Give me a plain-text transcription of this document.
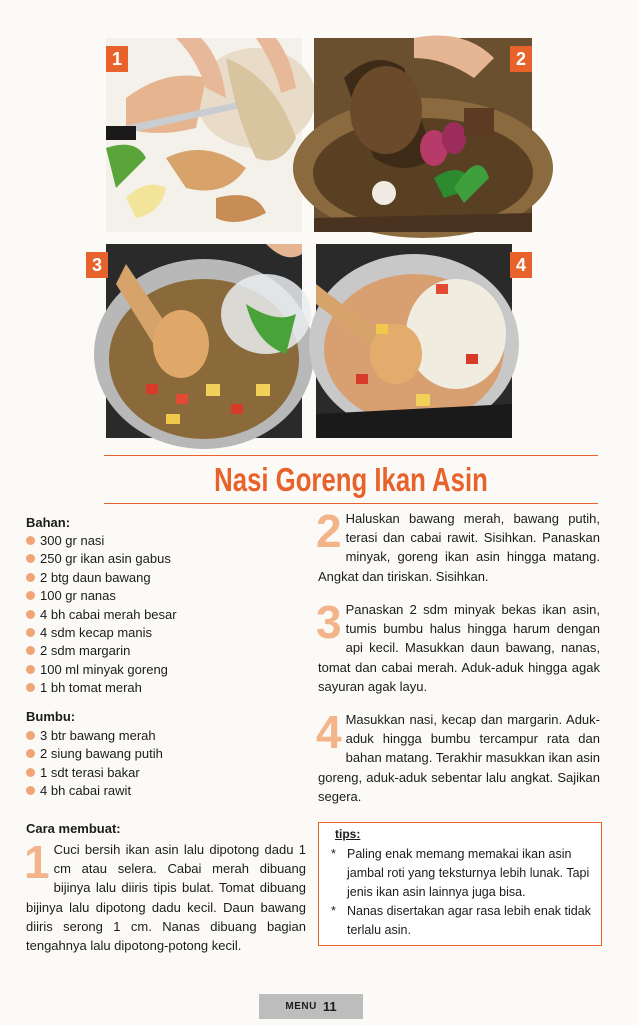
1	2
3	4
Nasi Goreng Ikan Asin
Bahan:
300 gr nasi
250 gr ikan asin gabus
2 btg daun bawang
100 gr nanas
4 bh cabai merah besar
4 sdm kecap manis
2 sdm margarin
100 ml minyak goreng
1 bh tomat merah
Bumbu:
3 btr bawang merah
2 siung bawang putih
1 sdt terasi bakar
4 bh cabai rawit
Cara membuat:
1 Cuci bersih ikan asin lalu dipotong dadu 1 cm atau selera. Cabai merah dibuang bijinya lalu diiris tipis bulat. Tomat dibuang bijinya lalu dipotong dadu kecil. Daun bawang diiris serong 1 cm. Nanas dibuang bagian tengahnya lalu dipotong-potong kecil.
2 Haluskan bawang merah, bawang putih, terasi dan cabai rawit. Sisihkan. Panaskan minyak, goreng ikan asin hingga matang. Angkat dan tiriskan. Sisihkan.
3 Panaskan 2 sdm minyak bekas ikan asin, tumis bumbu halus hingga harum dengan api kecil. Masukkan daun bawang, nanas, tomat dan cabai merah. Aduk-aduk hingga agak sayuran agak layu.
4 Masukkan nasi, kecap dan margarin. Aduk-aduk hingga bumbu tercampur rata dan bahan matang. Terakhir masukkan ikan asin goreng, aduk-aduk sebentar lalu angkat. Sajikan segera.
tips:
* Paling enak memang memakai ikan asin jambal roti yang teksturnya lebih lunak. Tapi jenis ikan asin lainnya juga bisa.
* Nanas disertakan agar rasa lebih enak tidak terlalu asin.
MENU 11
